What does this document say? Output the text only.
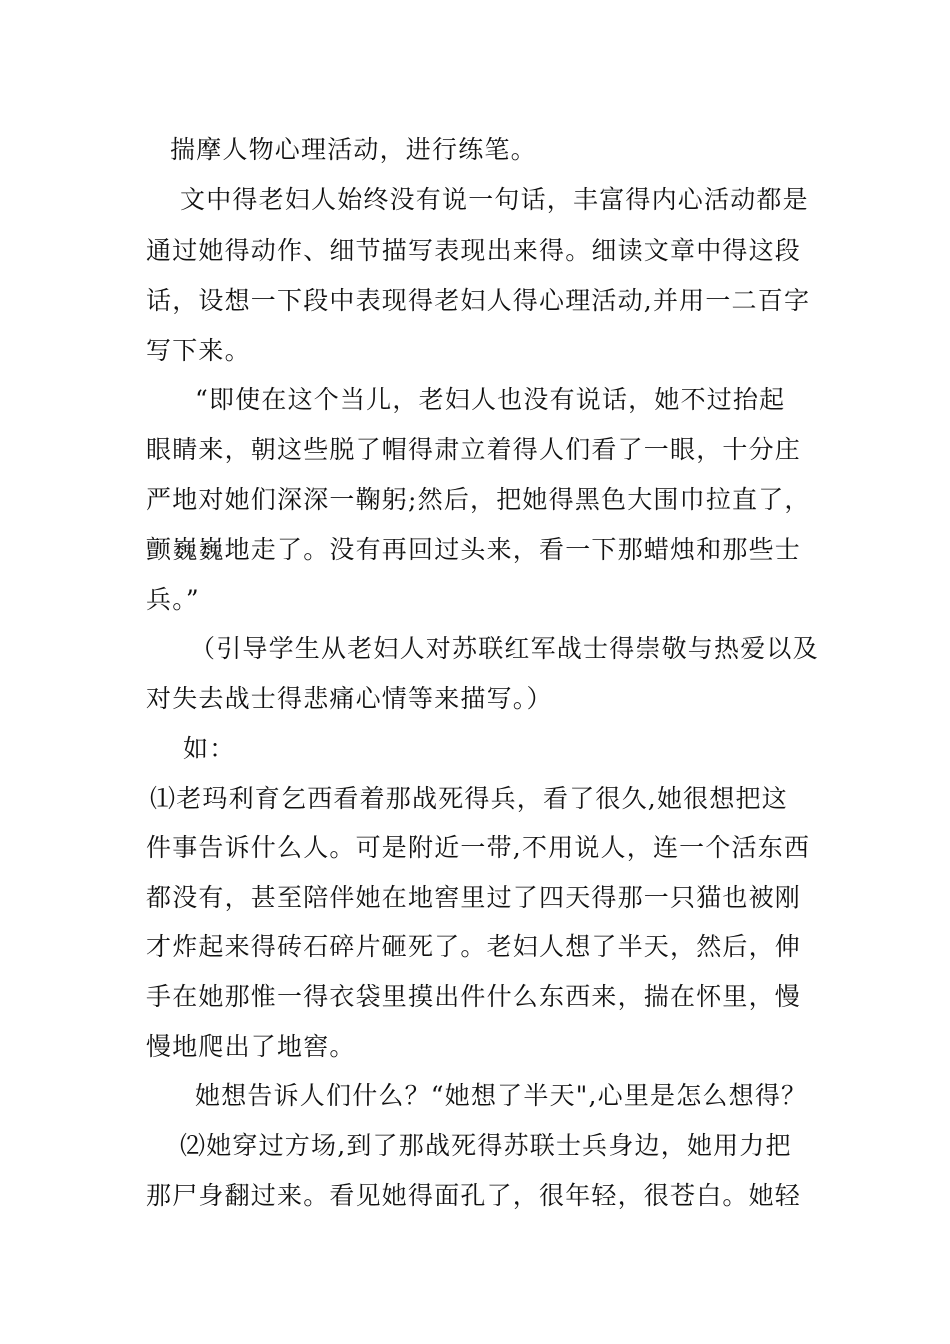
揣摩人物心理活动，进行练笔。
文中得老妇人始终没有说一句话，丰富得内心活动都是
通过她得动作、细节描写表现出来得。细读文章中得这段
话，设想一下段中表现得老妇人得心理活动,并用一二百字
写下来。
“即使在这个当儿，老妇人也没有说话，她不过抬起
眼睛来，朝这些脱了帽得肃立着得人们看了一眼，十分庄
严地对她们深深一鞠躬;然后，把她得黑色大围巾拉直了，
颤巍巍地走了。没有再回过头来，看一下那蜡烛和那些士
兵。”
（引导学生从老妇人对苏联红军战士得崇敬与热爱以及
对失去战士得悲痛心情等来描写。）
如：
⑴老玛利育乞西看着那战死得兵，看了很久,她很想把这
件事告诉什么人。可是附近一带,不用说人，连一个活东西
都没有，甚至陪伴她在地窖里过了四天得那一只猫也被刚
才炸起来得砖石碎片砸死了。老妇人想了半天，然后，伸
手在她那惟一得衣袋里摸出件什么东西来，揣在怀里，慢
慢地爬出了地窖。
她想告诉人们什么？“她想了半天",心里是怎么想得？
⑵她穿过方场,到了那战死得苏联士兵身边，她用力把
那尸身翻过来。看见她得面孔了，很年轻，很苍白。她轻
